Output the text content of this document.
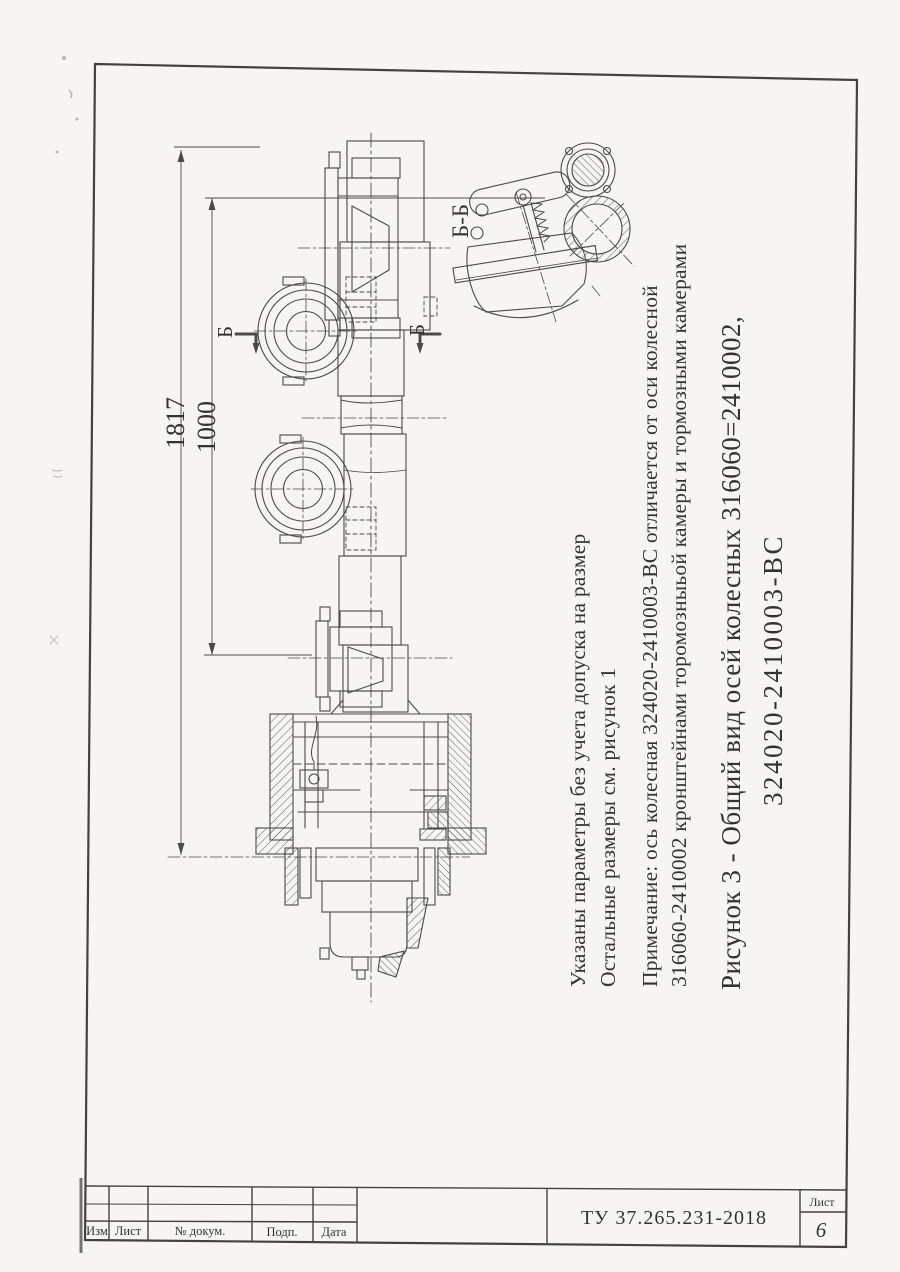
Указаны параметры без учета допуска на размер Остальные размеры см. рисунок 1 Примечание: ось колесная 324020-2410003-ВС отличается от оси колесной 316060-2410002 кронштейнами торомозныьой камеры и тормозными камерами Рисунок 3 - Общий вид осей колесных 316060=2410002, 324020-2410003-ВС
1817 1000
Б	Б
Б-Б
Изм Лист	№ докум.	Подп. Дата
ТУ 37.265.231-2018
Лист
6
